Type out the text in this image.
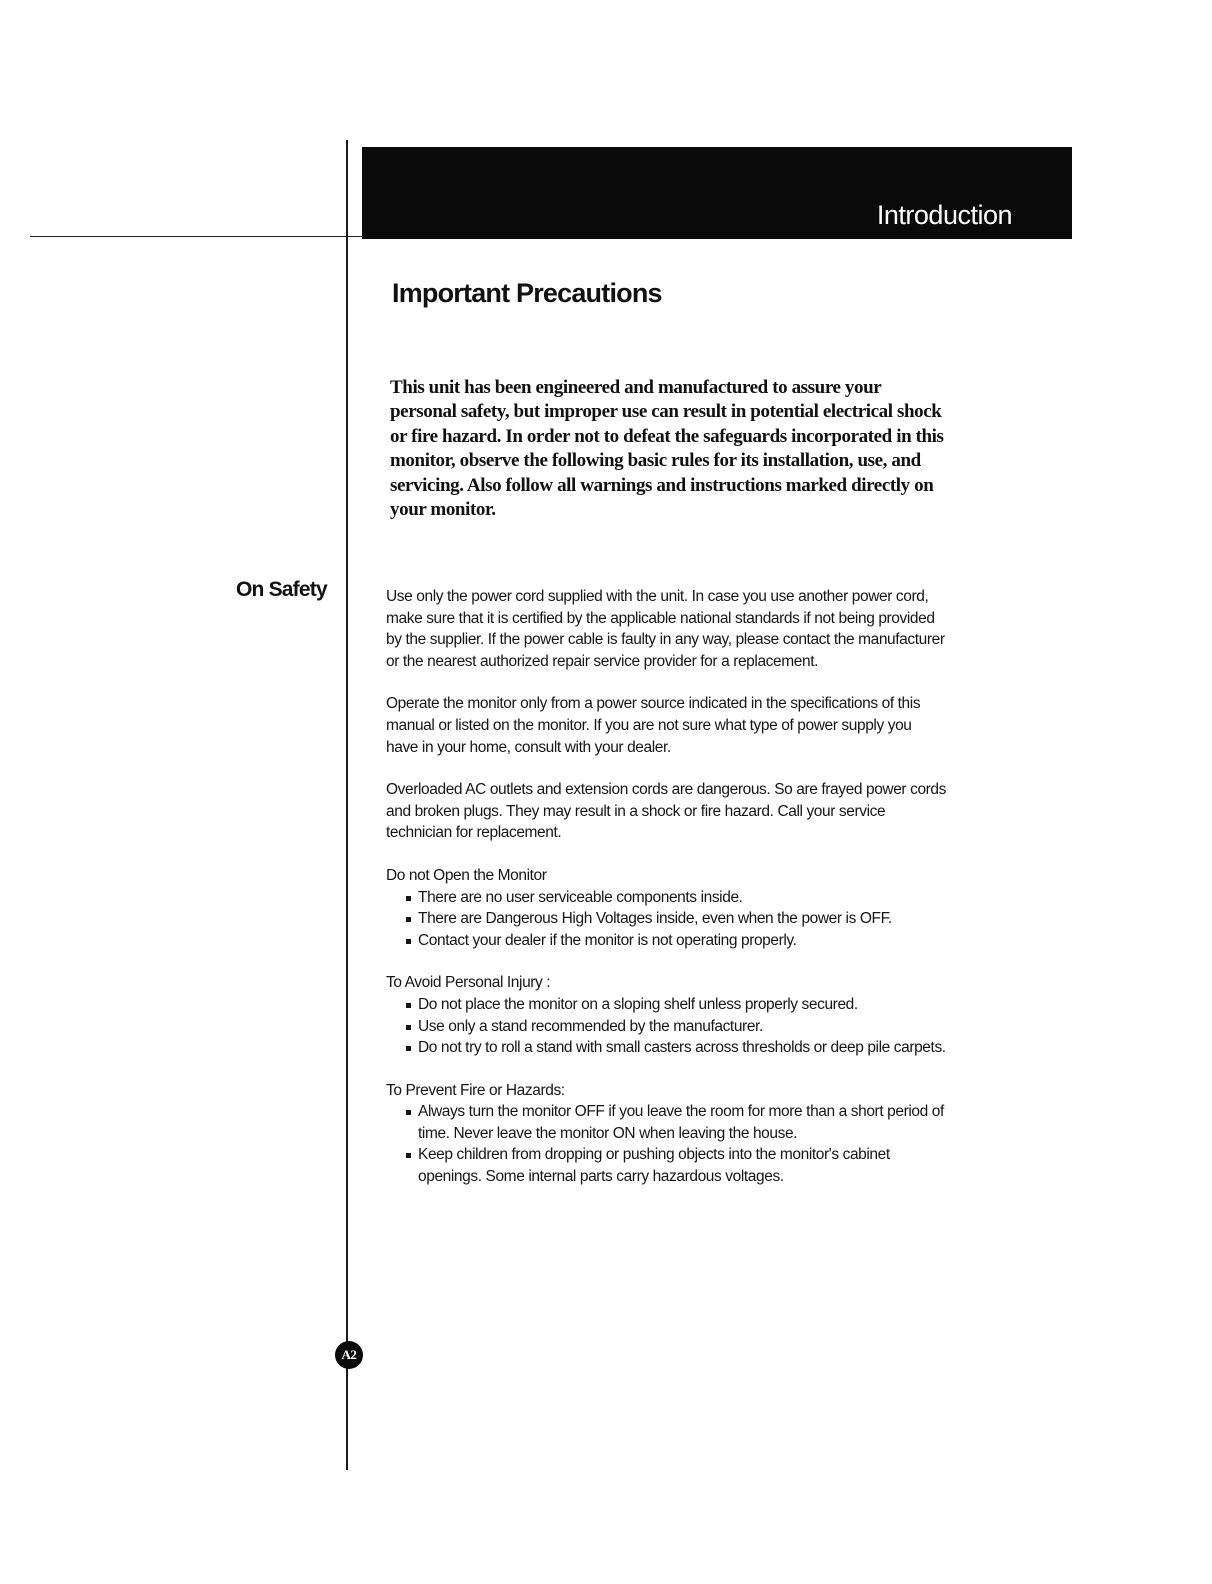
Introduction
Important Precautions

This unit has been engineered and manufactured to assure your personal safety, but improper use can result in potential electrical shock or fire hazard. In order not to defeat the safeguards incorporated in this monitor, observe the following basic rules for its installation, use, and servicing. Also follow all warnings and instructions marked directly on your monitor.

On Safety	Use only the power cord supplied with the unit. In case you use another power cord, make sure that it is certified by the applicable national standards if not being provided by the supplier. If the power cable is faulty in any way, please contact the manufacturer or the nearest authorized repair service provider for a replacement.

Operate the monitor only from a power source indicated in the specifications of this manual or listed on the monitor. If you are not sure what type of power supply you have in your home, consult with your dealer.

Overloaded AC outlets and extension cords are dangerous. So are frayed power cords and broken plugs. They may result in a shock or fire hazard. Call your service technician for replacement.

Do not Open the Monitor
There are no user serviceable components inside.
There are Dangerous High Voltages inside, even when the power is OFF.
Contact your dealer if the monitor is not operating properly.
To Avoid Personal Injury :
Do not place the monitor on a sloping shelf unless properly secured.
Use only a stand recommended by the manufacturer.
Do not try to roll a stand with small casters across thresholds or deep pile carpets.
To Prevent Fire or Hazards:
Always turn the monitor OFF if you leave the room for more than a short period of time. Never leave the monitor ON when leaving the house.
Keep children from dropping or pushing objects into the monitor's cabinet openings. Some internal parts carry hazardous voltages.
A2
